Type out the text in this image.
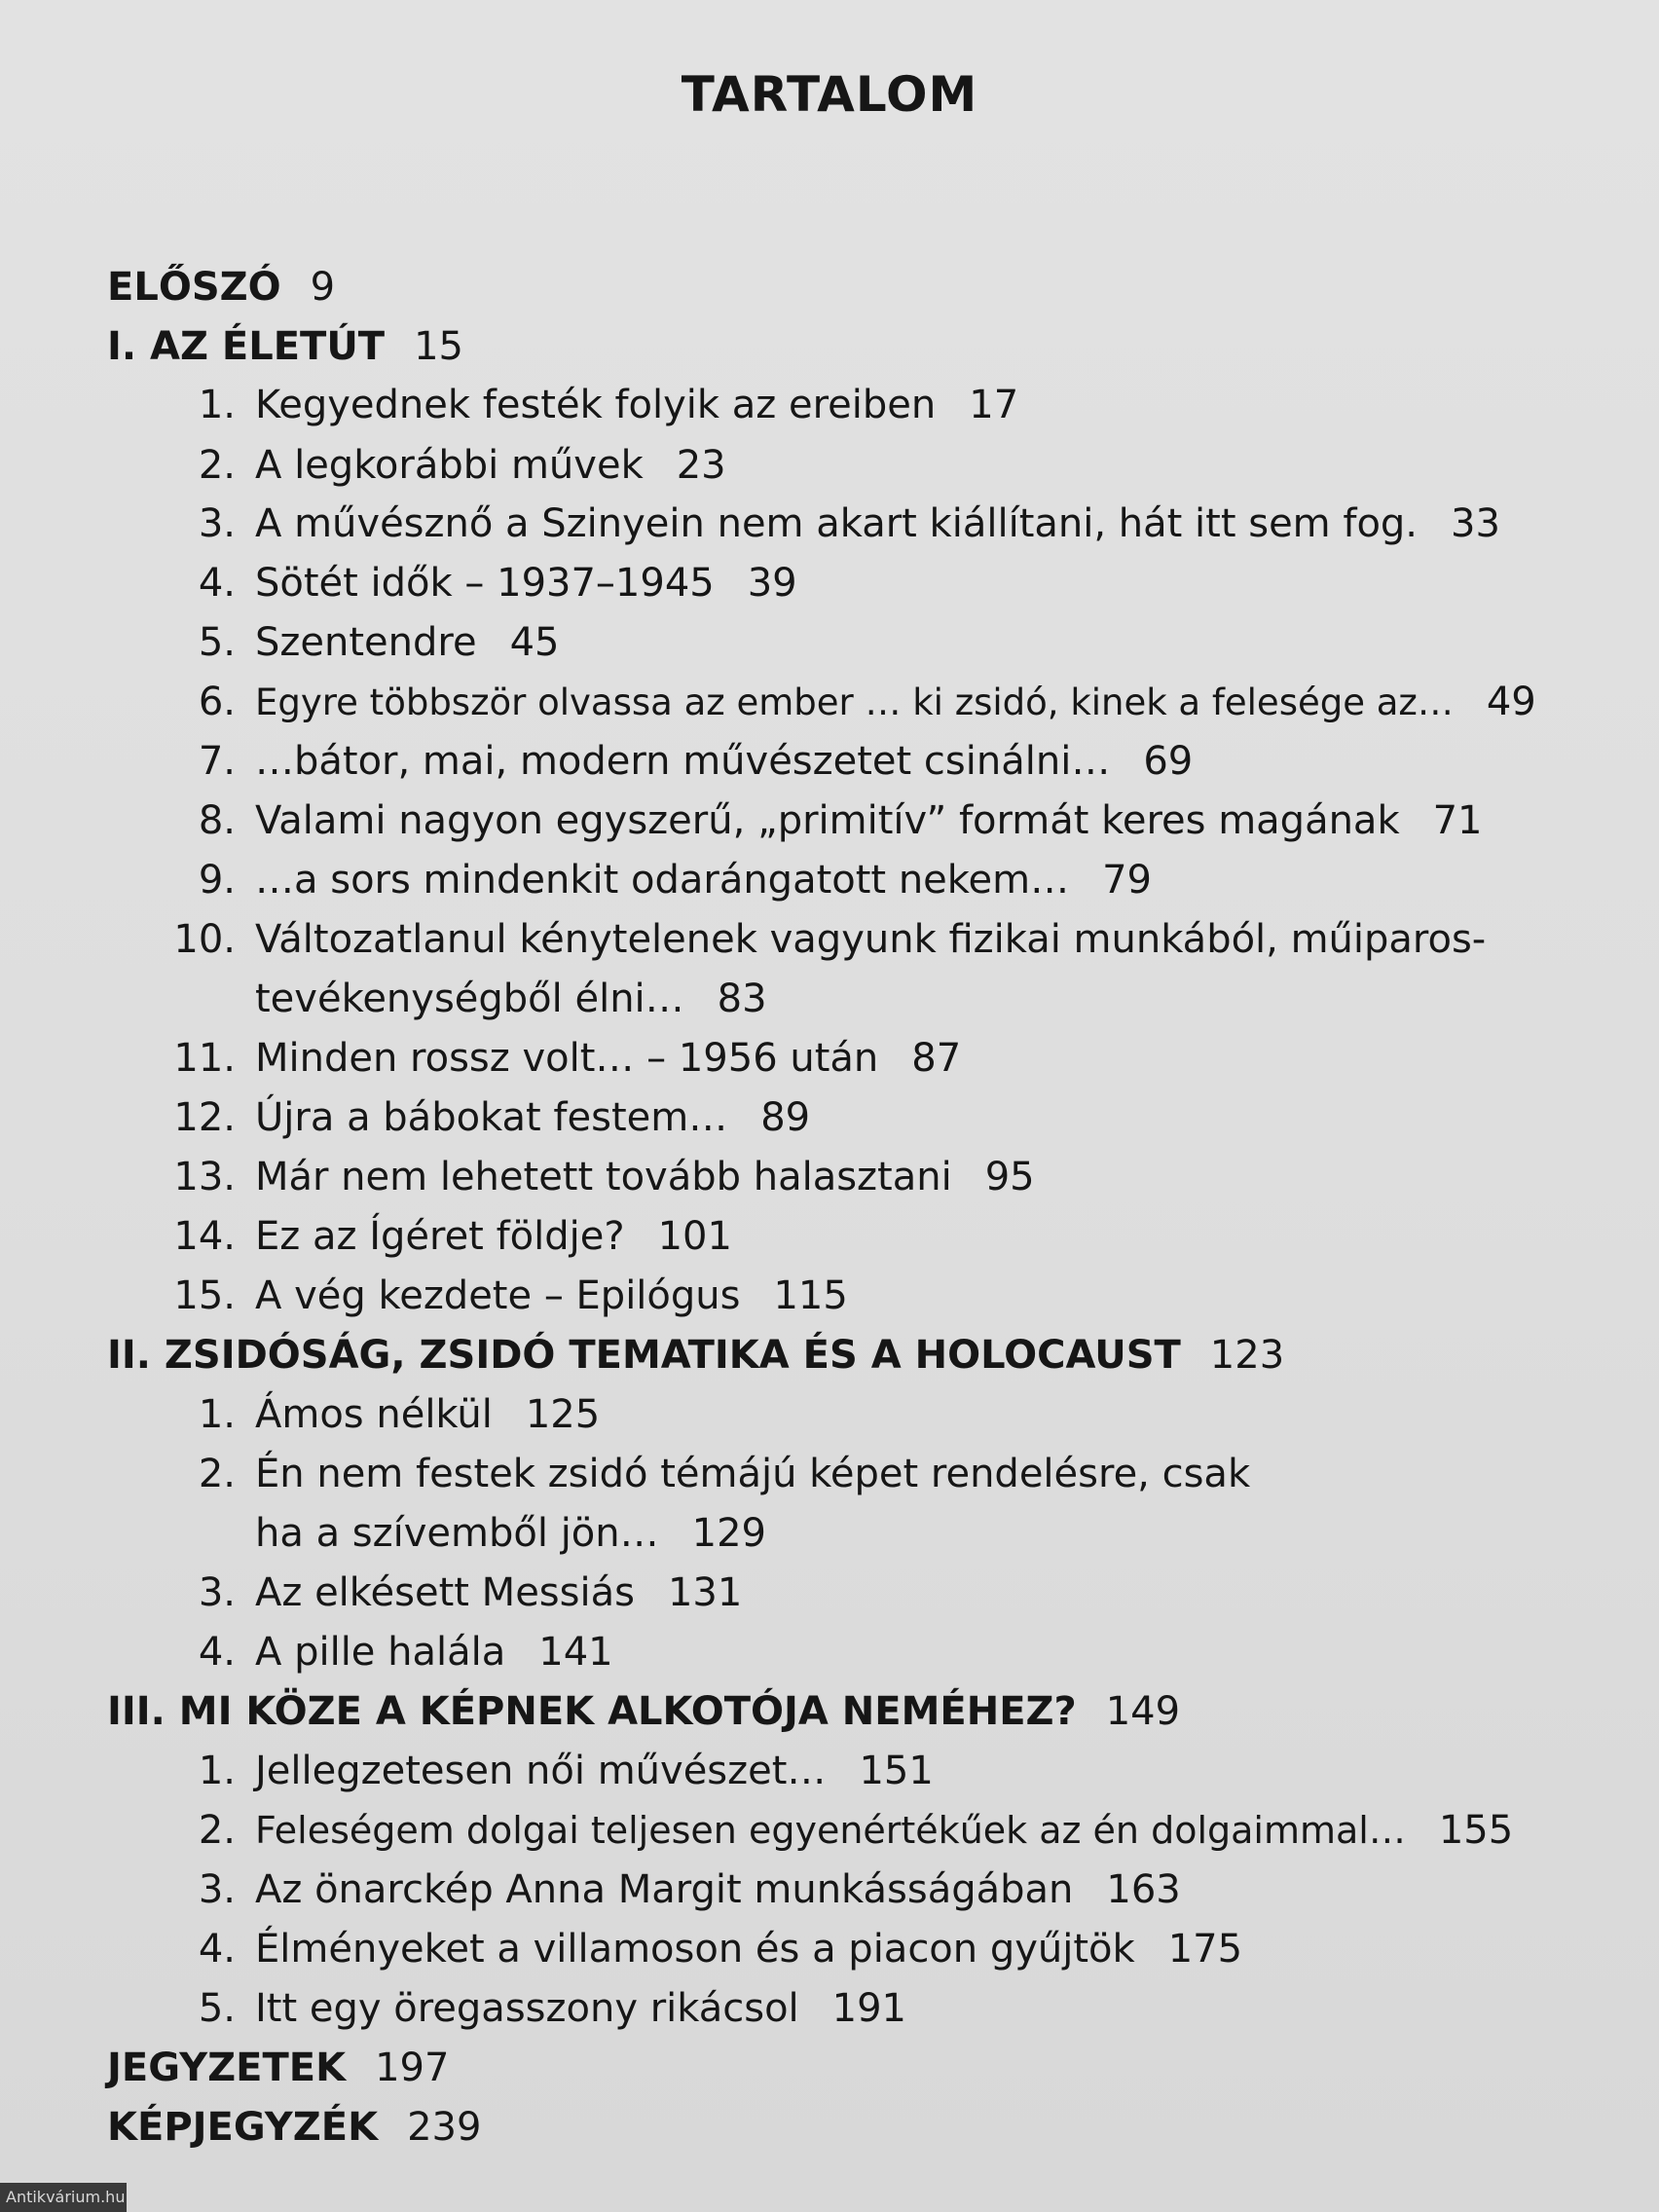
TARTALOM
ELŐSZÓ 9
I. AZ ÉLETÚT 15
1. Kegyednek festék folyik az ereiben 17
2. A legkorábbi művek 23
3. A művésznő a Szinyein nem akart kiállítani, hát itt sem fog. 33
4. Sötét idők – 1937–1945 39
5. Szentendre 45
6. Egyre többször olvassa az ember … ki zsidó, kinek a felesége az… 49
7. …bátor, mai, modern művészetet csinálni… 69
8. Valami nagyon egyszerű, „primitív” formát keres magának 71
9. …a sors mindenkit odarángatott nekem… 79
10. Változatlanul kénytelenek vagyunk fizikai munkából, műiparos-
tevékenységből élni… 83
11. Minden rossz volt… – 1956 után 87
12. Újra a bábokat festem… 89
13. Már nem lehetett tovább halasztani 95
14. Ez az Ígéret földje? 101
15. A vég kezdete – Epilógus 115
II. ZSIDÓSÁG, ZSIDÓ TEMATIKA ÉS A HOLOCAUST 123
1. Ámos nélkül 125
2. Én nem festek zsidó témájú képet rendelésre, csak
ha a szívemből jön… 129
3. Az elkésett Messiás 131
4. A pille halála 141
III. MI KÖZE A KÉPNEK ALKOTÓJA NEMÉHEZ? 149
1. Jellegzetesen női művészet… 151
2. Feleségem dolgai teljesen egyenértékűek az én dolgaimmal… 155
3. Az önarckép Anna Margit munkásságában 163
4. Élményeket a villamoson és a piacon gyűjtök 175
5. Itt egy öregasszony rikácsol 191
JEGYZETEK 197
KÉPJEGYZÉK 239
Antikvárium.hu
